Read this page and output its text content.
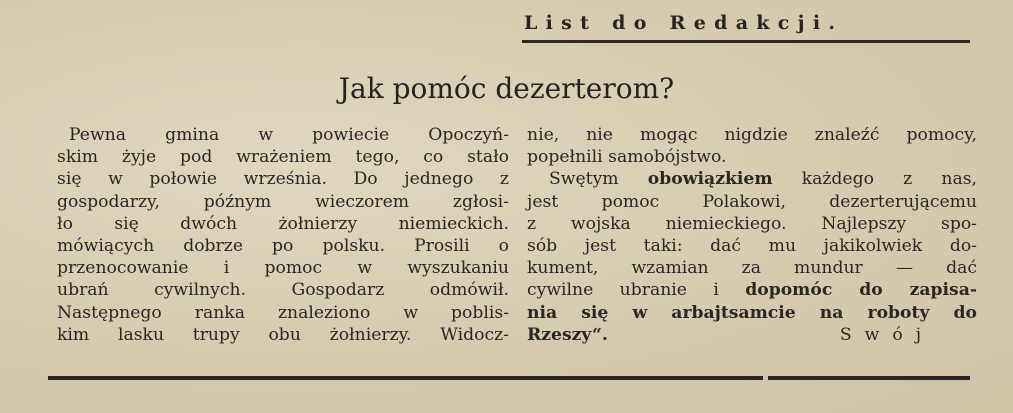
List do Redakcji.
Jak pomóc dezerterom?
Pewna gmina w powiecie Opoczyń-
skim żyje pod wrażeniem tego, co stało
się w połowie września. Do jednego z
gospodarzy, późnym wieczorem zgłosi-
ło się dwóch żołnierzy niemieckich.
mówiących dobrze po polsku. Prosili o
przenocowanie i pomoc w wyszukaniu
ubrań cywilnych. Gospodarz odmówił.
Następnego ranka znaleziono w poblis-
kim lasku trupy obu żołnierzy. Widocz-
nie, nie mogąc nigdzie znaleźć pomocy,
popełnili samobójstwo.
Swętym obowiązkiem każdego z nas,
jest pomoc Polakowi, dezerterującemu
z wojska niemieckiego. Najlepszy spo-
sób jest taki: dać mu jakikolwiek do-
kument, wzamian za mundur — dać
cywilne ubranie i dopomóc do zapisa-
nia się w arbajtsamcie na roboty do
Rzeszy“.	Swój
